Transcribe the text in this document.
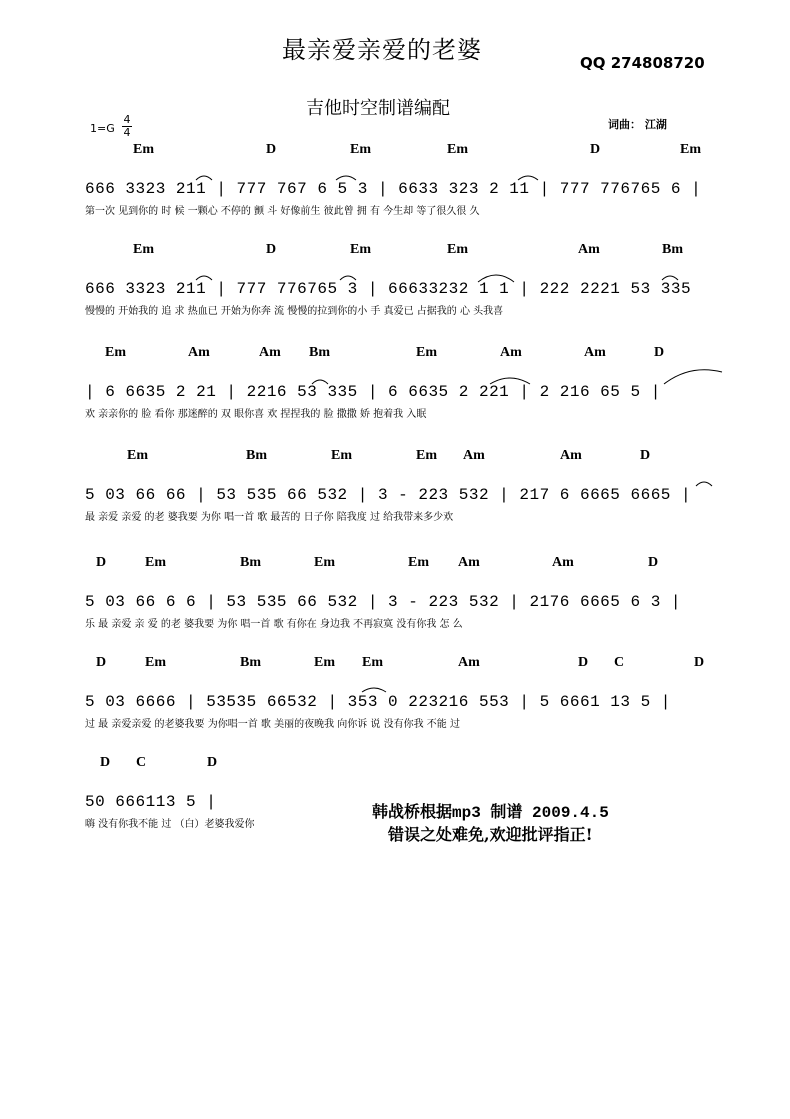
最亲爱亲爱的老婆	QQ 274808720
吉他时空制谱编配
词曲： 江湖
1=G
4
4
Em	D	Em	Em	D	Em
666 3323 211 | 777 767 6 5 3 | 6633 323 2 11 | 777 776765 6 |
第一次 见到你的 时 候 一颗心 不停的 颤 斗 好像前生 彼此曾 拥 有 今生却 等了很久很 久
Em	D	Em	Em	Am	Bm
666 3323 211 | 777 776765 3 | 66633232 1 1 | 222 2221 53 335
慢慢的 开始我的 追 求 热血已 开始为你奔 流 慢慢的拉到你的小 手 真爱已 占据我的 心 头我喜
Em	Am	Am Bm	Em	Am	Am	D
| 6 6635 2 21 | 2216 53 335 | 6 6635 2 221 | 2 216 65 5 |
欢 亲亲你的 脸 看你 那迷醉的 双 眼你喜 欢 捏捏我的 脸 撒撒 娇 抱着我 入眠
Em	Bm	Em	Em Am	Am	D
5 03 66 66 | 53 535 66 532 | 3 - 223 532 | 217 6 6665 6665 |
最 亲爱 亲爱 的老 婆我要 为你 唱一首 歌 最苦的 日子你 陪我度 过 给我带来多少欢
D	Em	Bm	Em	Em Am	Am	D
5 03 66 6 6 | 53 535 66 532 | 3 - 223 532 | 2176 6665 6 3 |
乐 最 亲爱 亲 爱 的老 婆我要 为你 唱一首 歌 有你在 身边我 不再寂寞 没有你我 怎 么
D	Em	Bm	Em Em	Am	D C	D
5 03 6666 | 53535 66532 | 353 0 223216 553 | 5 6661 13 5 |
过 最 亲爱亲爱 的老婆我要 为你唱一首 歌 美丽的夜晚我 向你诉 说 没有你我 不能 过
D C	D
50 666113 5 |
嗨 没有你我不能 过 （白）老婆我爱你
韩战桥根据mp3 制谱 2009.4.5
错误之处难免,欢迎批评指正!
